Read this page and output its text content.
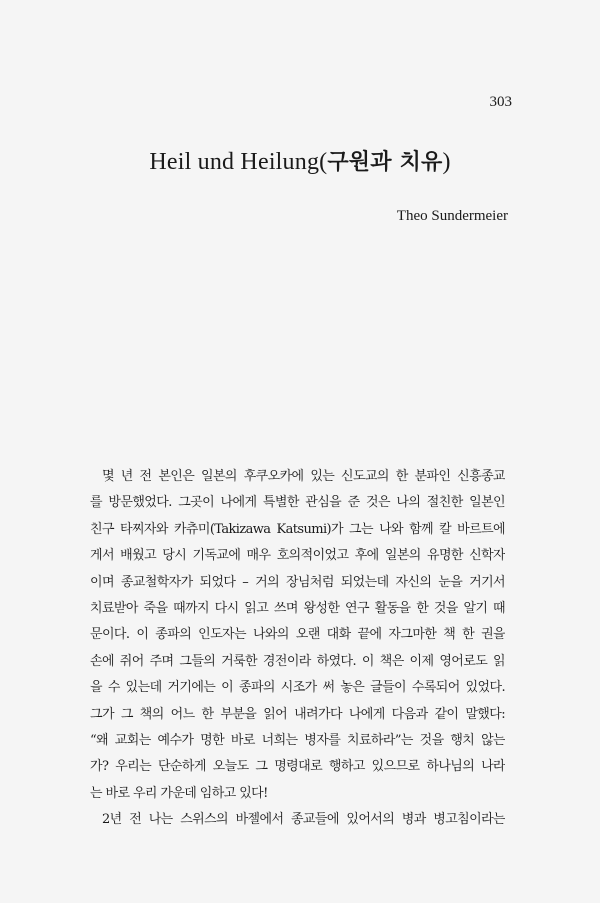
303
Heil und Heilung(구원과 치유)
Theo Sundermeier
몇 년 전 본인은 일본의 후쿠오카에 있는 신도교의 한 분파인 신흥종교
를 방문했었다. 그곳이 나에게 특별한 관심을 준 것은 나의 절친한 일본인
친구 타찌자와 카츄미(Takizawa Katsumi)가 그는 나와 함께 칼 바르트에
게서 배웠고 당시 기독교에 매우 호의적이었고 후에 일본의 유명한 신학자
이며 종교철학자가 되었다 – 거의 장님처럼 되었는데 자신의 눈을 거기서
치료받아 죽을 때까지 다시 읽고 쓰며 왕성한 연구 활동을 한 것을 알기 때
문이다. 이 종파의 인도자는 나와의 오랜 대화 끝에 자그마한 책 한 권을
손에 쥐어 주며 그들의 거룩한 경전이라 하였다. 이 책은 이제 영어로도 읽
을 수 있는데 거기에는 이 종파의 시조가 써 놓은 글들이 수록되어 있었다.
그가 그 책의 어느 한 부분을 읽어 내려가다 나에게 다음과 같이 말했다:
“왜 교회는 예수가 명한 바로 너희는 병자를 치료하라”는 것을 행치 않는
가? 우리는 단순하게 오늘도 그 명령대로 행하고 있으므로 하나님의 나라
는 바로 우리 가운데 임하고 있다!
2년 전 나는 스위스의 바젤에서 종교들에 있어서의 병과 병고침이라는
